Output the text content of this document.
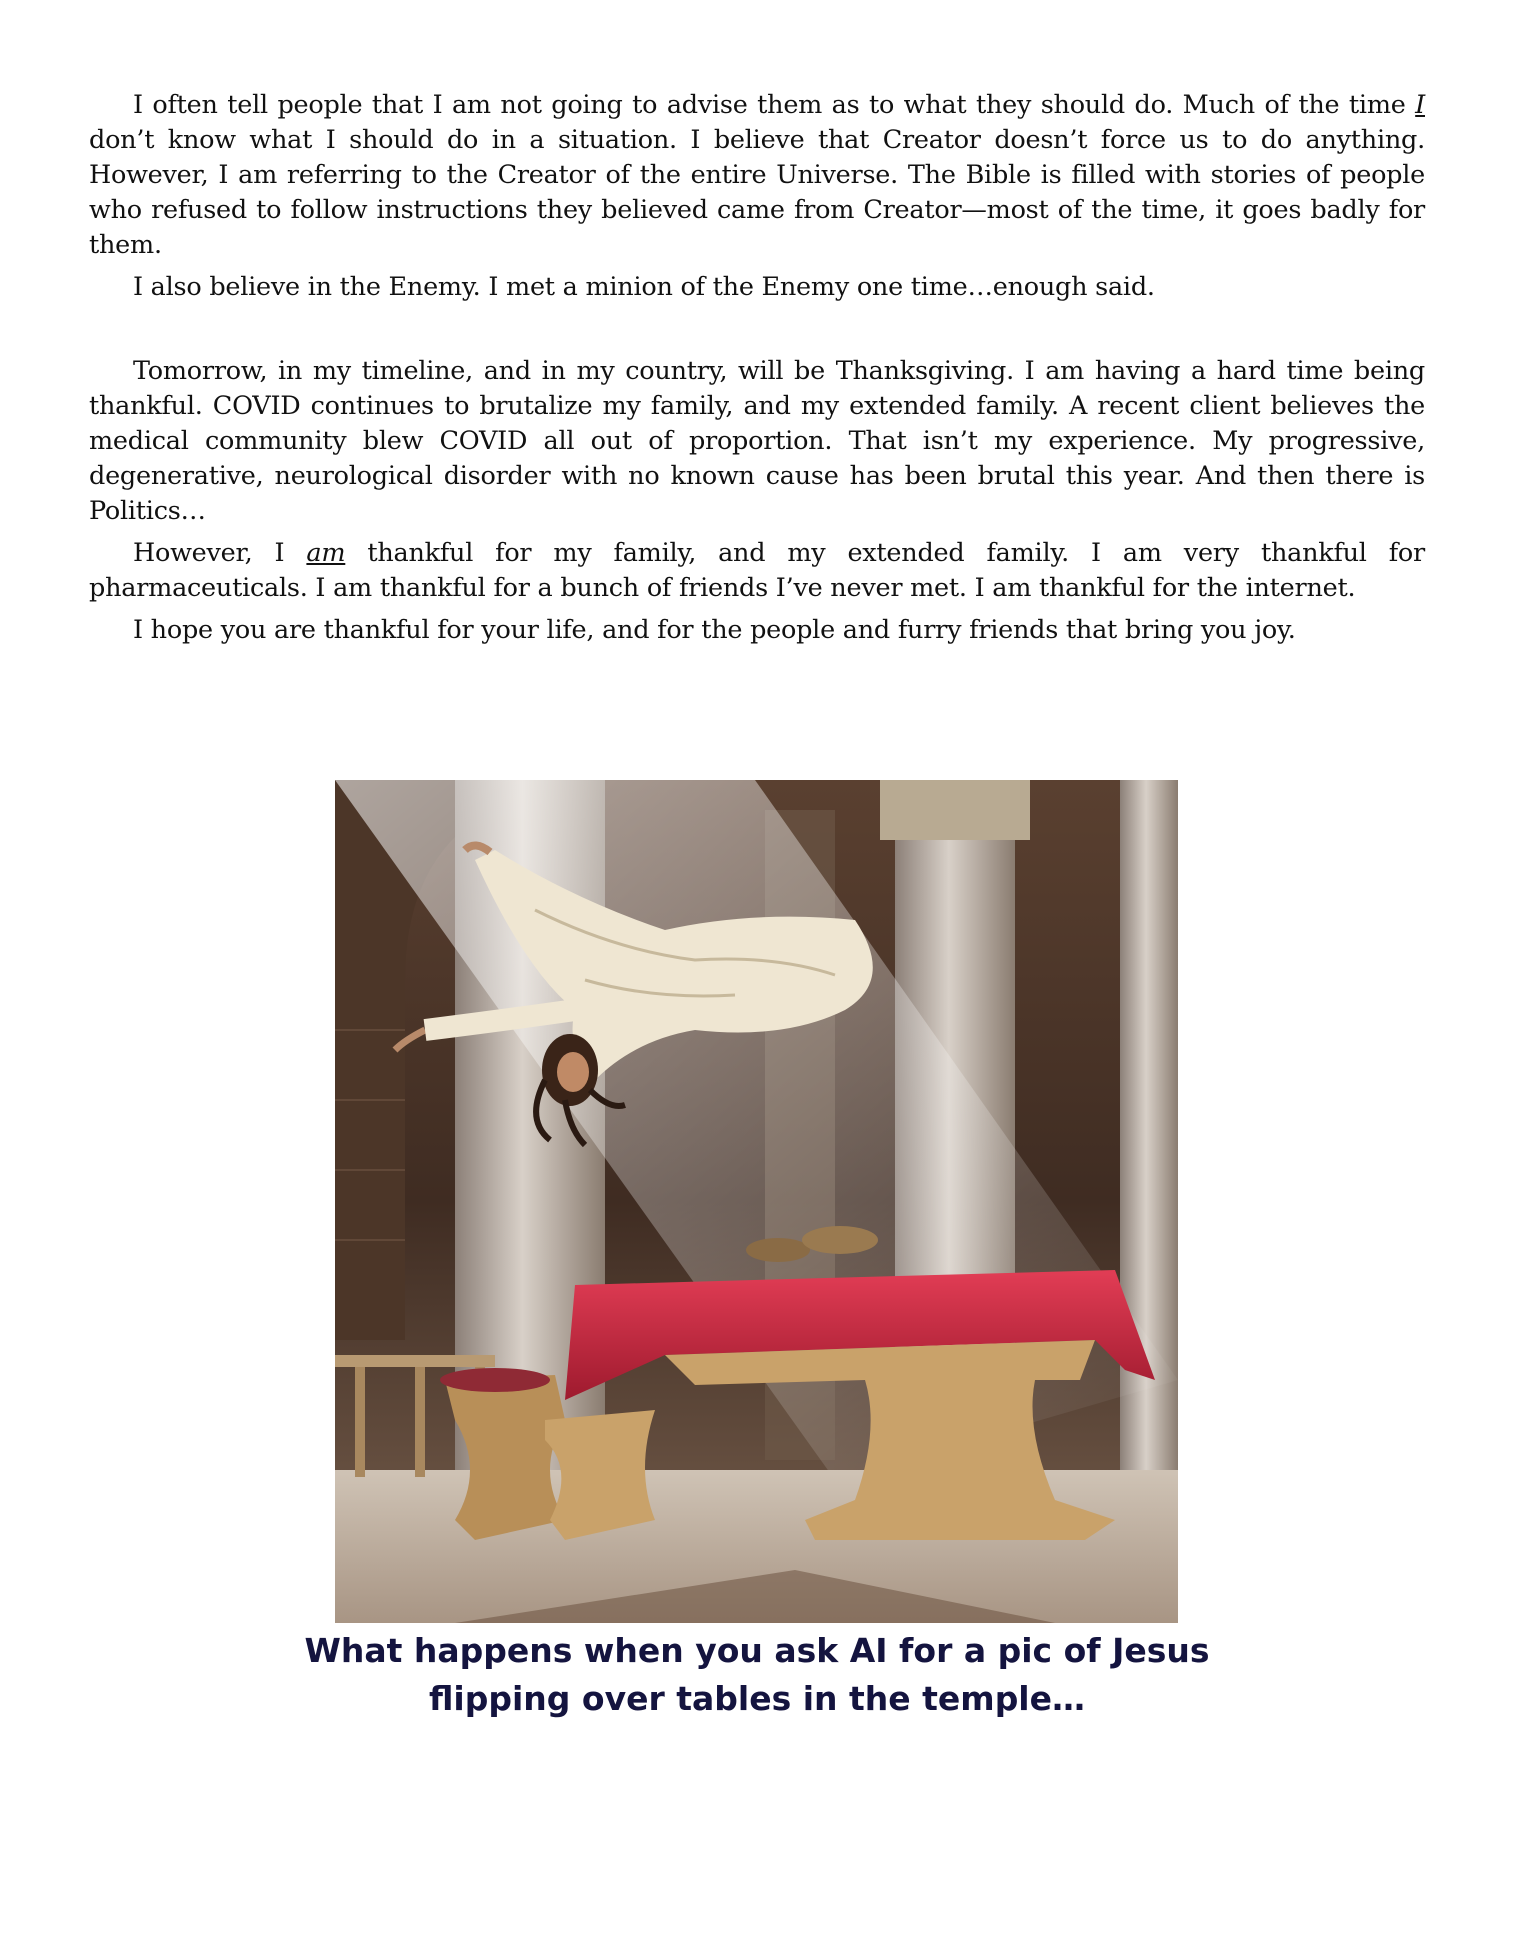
I often tell people that I am not going to advise them as to what they should do. Much of the time I don’t know what I should do in a situation. I believe that Creator doesn’t force us to do anything. However, I am referring to the Creator of the entire Universe. The Bible is filled with stories of people who refused to follow instructions they believed came from Creator—most of the time, it goes badly for them.

I also believe in the Enemy. I met a minion of the Enemy one time…enough said.

Tomorrow, in my timeline, and in my country, will be Thanksgiving. I am having a hard time being thankful. COVID continues to brutalize my family, and my extended family. A recent client believes the medical community blew COVID all out of proportion. That isn’t my experience. My progressive, degenerative, neurological disorder with no known cause has been brutal this year. And then there is Politics…

However, I am thankful for my family, and my extended family. I am very thankful for pharmaceuticals. I am thankful for a bunch of friends I’ve never met. I am thankful for the internet.

I hope you are thankful for your life, and for the people and furry friends that bring you joy.

What happens when you ask AI for a pic of Jesus
flipping over tables in the temple…
